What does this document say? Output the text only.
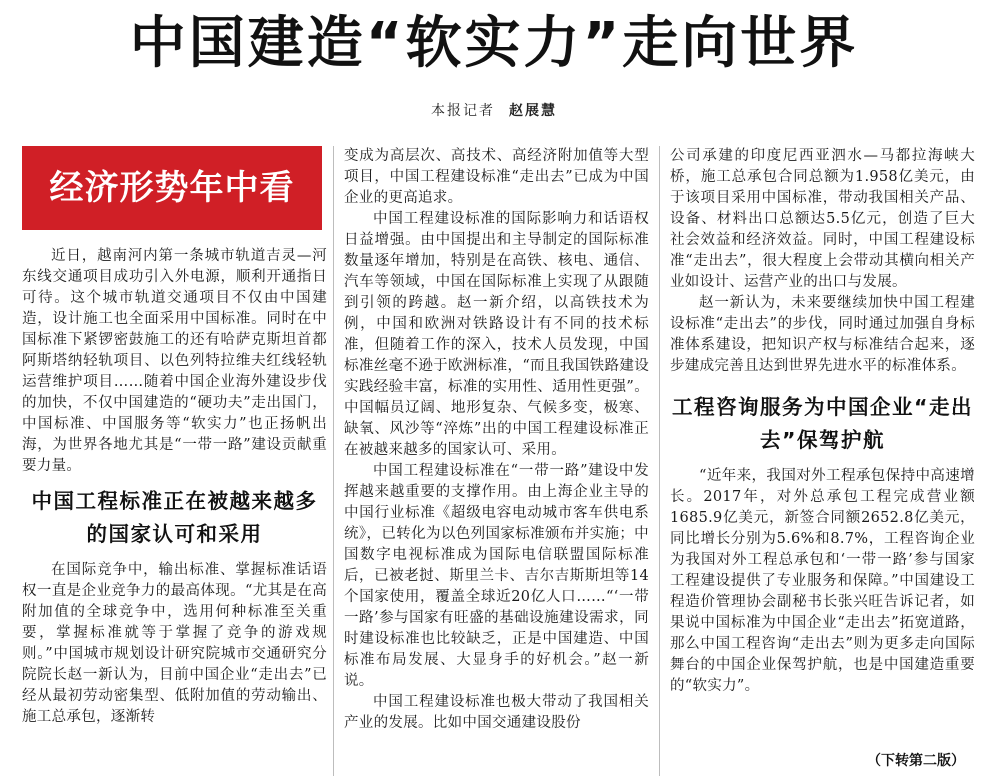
中国建造“软实力”走向世界
本报记者 赵展慧
经济形势年中看

近日，越南河内第一条城市轨道吉灵—河东线交通项目成功引入外电源，顺利开通指日可待。这个城市轨道交通项目不仅由中国建造，设计施工也全面采用中国标准。同时在中国标准下紧锣密鼓施工的还有哈萨克斯坦首都阿斯塔纳轻轨项目、以色列特拉维夫红线轻轨运营维护项目……随着中国企业海外建设步伐的加快，不仅中国建造的“硬功夫”走出国门，中国标准、中国服务等“软实力”也正扬帆出海，为世界各地尤其是“一带一路”建设贡献重要力量。

中国工程标准正在被越来越多的国家认可和采用

在国际竞争中，输出标准、掌握标准话语权一直是企业竞争力的最高体现。“尤其是在高附加值的全球竞争中，选用何种标准至关重要，掌握标准就等于掌握了竞争的游戏规则。”中国城市规划设计研究院城市交通研究分院院长赵一新认为，目前中国企业“走出去”已经从最初劳动密集型、低附加值的劳动输出、施工总承包，逐渐转

变成为高层次、高技术、高经济附加值等大型项目，中国工程建设标准“走出去”已成为中国企业的更高追求。

中国工程建设标准的国际影响力和话语权日益增强。由中国提出和主导制定的国际标准数量逐年增加，特别是在高铁、核电、通信、汽车等领域，中国在国际标准上实现了从跟随到引领的跨越。赵一新介绍，以高铁技术为例，中国和欧洲对铁路设计有不同的技术标准，但随着工作的深入，技术人员发现，中国标准丝毫不逊于欧洲标准，“而且我国铁路建设实践经验丰富，标准的实用性、适用性更强”。中国幅员辽阔、地形复杂、气候多变，极寒、缺氧、风沙等“淬炼”出的中国工程建设标准正在被越来越多的国家认可、采用。

中国工程建设标准在“一带一路”建设中发挥越来越重要的支撑作用。由上海企业主导的中国行业标准《超级电容电动城市客车供电系统》，已转化为以色列国家标准颁布并实施；中国数字电视标准成为国际电信联盟国际标准后，已被老挝、斯里兰卡、吉尔吉斯斯坦等14个国家使用，覆盖全球近20亿人口……“‘一带一路’参与国家有旺盛的基础设施建设需求，同时建设标准也比较缺乏，正是中国建造、中国标准布局发展、大显身手的好机会。”赵一新说。

中国工程建设标准也极大带动了我国相关产业的发展。比如中国交通建设股份

公司承建的印度尼西亚泗水—马都拉海峡大桥，施工总承包合同总额为1.958亿美元，由于该项目采用中国标准，带动我国相关产品、设备、材料出口总额达5.5亿元，创造了巨大社会效益和经济效益。同时，中国工程建设标准“走出去”，很大程度上会带动其横向相关产业如设计、运营产业的出口与发展。

赵一新认为，未来要继续加快中国工程建设标准“走出去”的步伐，同时通过加强自身标准体系建设，把知识产权与标准结合起来，逐步建成完善且达到世界先进水平的标准体系。

工程咨询服务为中国企业“走出去”保驾护航

“近年来，我国对外工程承包保持中高速增长。2017年，对外总承包工程完成营业额1685.9亿美元，新签合同额2652.8亿美元，同比增长分别为5.6%和8.7%，工程咨询企业为我国对外工程总承包和‘一带一路’参与国家工程建设提供了专业服务和保障。”中国建设工程造价管理协会副秘书长张兴旺告诉记者，如果说中国标准为中国企业“走出去”拓宽道路，那么中国工程咨询“走出去”则为更多走向国际舞台的中国企业保驾护航，也是中国建造重要的“软实力”。

（下转第二版）
